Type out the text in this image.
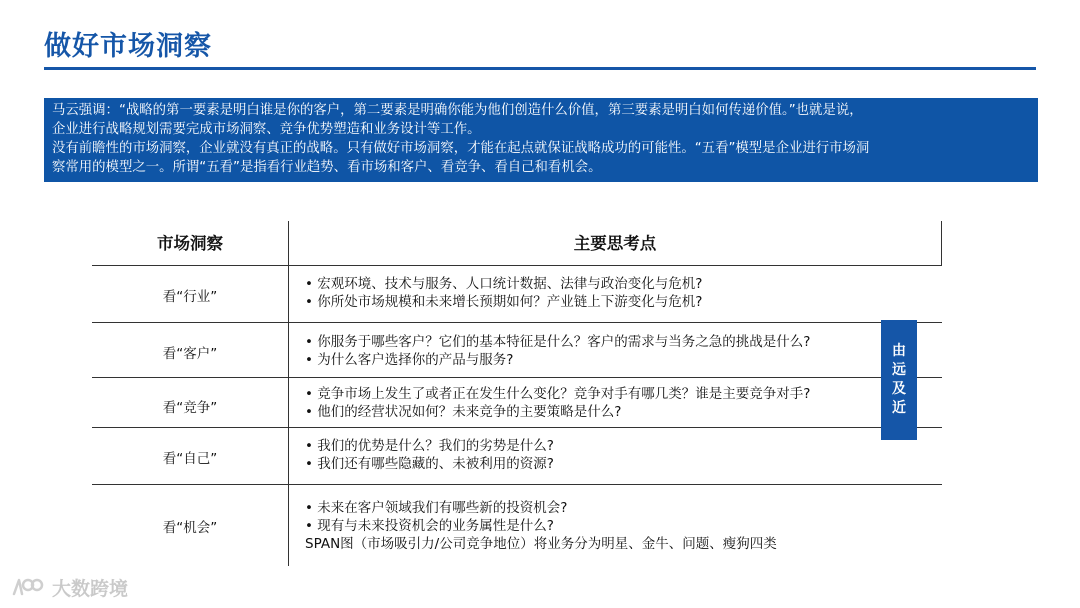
做好市场洞察

马云强调：“战略的第一要素是明白谁是你的客户，第二要素是明确你能为他们创造什么价值，第三要素是明白如何传递价值。”也就是说，

企业进行战略规划需要完成市场洞察、竞争优势塑造和业务设计等工作。

没有前瞻性的市场洞察，企业就没有真正的战略。只有做好市场洞察，才能在起点就保证战略成功的可能性。“五看”模型是企业进行市场洞

察常用的模型之一。所谓“五看”是指看行业趋势、看市场和客户、看竞争、看自己和看机会。

市场洞察	主要思考点
看“行业”
• 宏观环境、技术与服务、人口统计数据、法律与政治变化与危机?
• 你所处市场规模和未来增长预期如何？产业链上下游变化与危机?
看“客户”
• 你服务于哪些客户？它们的基本特征是什么？客户的需求与当务之急的挑战是什么?
• 为什么客户选择你的产品与服务?
看“竞争”
• 竞争市场上发生了或者正在发生什么变化？竞争对手有哪几类？谁是主要竞争对手?
• 他们的经营状况如何？未来竞争的主要策略是什么?
看“自己”
• 我们的优势是什么？我们的劣势是什么?
• 我们还有哪些隐藏的、未被利用的资源?
看“机会”
• 未来在客户领域我们有哪些新的投资机会?
• 现有与未来投资机会的业务属性是什么?
SPAN图（市场吸引力/公司竞争地位）将业务分为明星、金牛、问题、瘦狗四类
由
远
及
近
大数跨境
